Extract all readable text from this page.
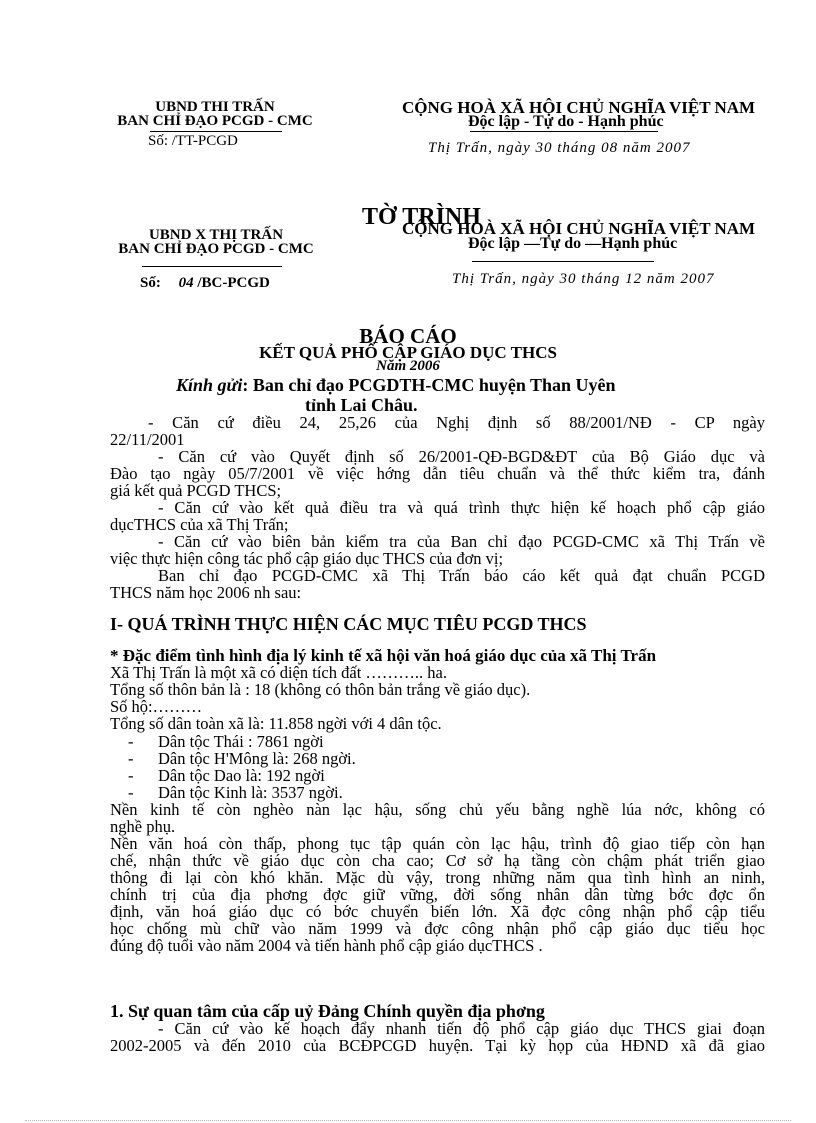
UBND THI TRẤN
BAN CHỈ ĐẠO PCGD - CMC
Số: /TT-PCGD
CỘNG HOÀ XÃ HỘI CHỦ NGHĨA VIỆT NAM
Độc lập - Tự do - Hạnh phúc
Thị Trấn, ngày 30 tháng 08 năm 2007
TỜ TRÌNH
UBND X THỊ TRẤN
BAN CHỈ ĐẠO PCGD - CMC
Số: 04 /BC-PCGD
CỘNG HOÀ XÃ HỘI CHỦ NGHĨA VIỆT NAM
Độc lập —Tự do —Hạnh phúc
Thị Trấn, ngày 30 tháng 12 năm 2007
BÁO CÁO
KẾT QUẢ PHỔ CẬP GIÁO DỤC THCS
Năm 2006
Kính gửi: Ban chỉ đạo PCGDTH-CMC huyện Than Uyên
tỉnh Lai Châu.
- Căn cứ điều 24, 25,26 của Nghị định số 88/2001/NĐ - CP ngày
22/11/2001
- Căn cứ vào Quyết định số 26/2001-QĐ-BGD&ĐT của Bộ Giáo dục và
Đào tạo ngày 05/7/2001 về việc hớng dẫn tiêu chuẩn và thể thức kiểm tra, đánh
giá kết quả PCGD THCS;
- Căn cứ vào kết quả điều tra và quá trình thực hiện kế hoạch phổ cập giáo
dụcTHCS của xã Thị Trấn;
- Căn cứ vào biên bản kiểm tra của Ban chỉ đạo PCGD-CMC xã Thị Trấn về
việc thực hiện công tác phổ cập giáo dục THCS của đơn vị;
Ban chỉ đạo PCGD-CMC xã Thị Trấn báo cáo kết quả đạt chuẩn PCGD
THCS năm học 2006 nh sau:
I- QUÁ TRÌNH THỰC HIỆN CÁC MỤC TIÊU PCGD THCS
* Đặc điểm tình hình địa lý kinh tế xã hội văn hoá giáo dục của xã Thị Trấn
Xã Thị Trấn là một xã có diện tích đất ……….. ha.
Tổng số thôn bản là : 18 (không có thôn bản trắng về giáo dục).
Số hộ:………
Tổng số dân toàn xã là: 11.858 ngời với 4 dân tộc.
- Dân tộc Thái : 7861 ngời
- Dân tộc H'Mông là: 268 ngời.
- Dân tộc Dao là: 192 ngời
- Dân tộc Kinh là: 3537 ngời.
Nền kinh tế còn nghèo nàn lạc hậu, sống chủ yếu bằng nghề lúa nớc, không có
nghề phụ.
Nền văn hoá còn thấp, phong tục tập quán còn lạc hậu, trình độ giao tiếp còn hạn
chế, nhận thức về giáo dục còn cha cao; Cơ sở hạ tầng còn chậm phát triển giao
thông đi lại còn khó khăn. Mặc dù vậy, trong những năm qua tình hình an ninh,
chính trị của địa phơng đợc giữ vững, đời sống nhân dân từng bớc đợc ổn
định, văn hoá giáo dục có bớc chuyển biến lớn. Xã đợc công nhận phổ cập tiểu
học chống mù chữ vào năm 1999 và đợc công nhận phổ cập giáo dục tiểu học
đúng độ tuổi vào năm 2004 và tiến hành phổ cập giáo dụcTHCS .
1. Sự quan tâm của cấp uỷ Đảng Chính quyền địa phơng
- Căn cứ vào kế hoạch đẩy nhanh tiến độ phổ cập giáo dục THCS giai đoạn
2002-2005 và đến 2010 của BCĐPCGD huyện. Tại kỳ họp của HĐND xã đã giao
